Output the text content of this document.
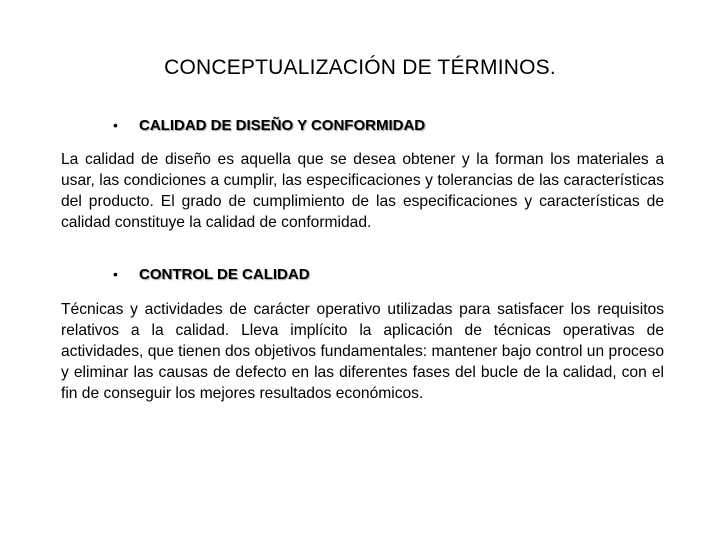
CONCEPTUALIZACIÓN DE TÉRMINOS.
•	CALIDAD DE DISEÑO Y CONFORMIDAD

La calidad de diseño es aquella que se desea obtener y la forman los materiales a usar, las condiciones a cumplir, las especificaciones y tolerancias de las características del producto. El grado de cumplimiento de las especificaciones y características de calidad constituye la calidad de conformidad.

•	CONTROL DE CALIDAD

Técnicas y actividades de carácter operativo utilizadas para satisfacer los requisitos relativos a la calidad. Lleva implícito la aplicación de técnicas operativas de actividades, que tienen dos objetivos fundamentales: mantener bajo control un proceso y eliminar las causas de defecto en las diferentes fases del bucle de la calidad, con el fin de conseguir los mejores resultados económicos.
